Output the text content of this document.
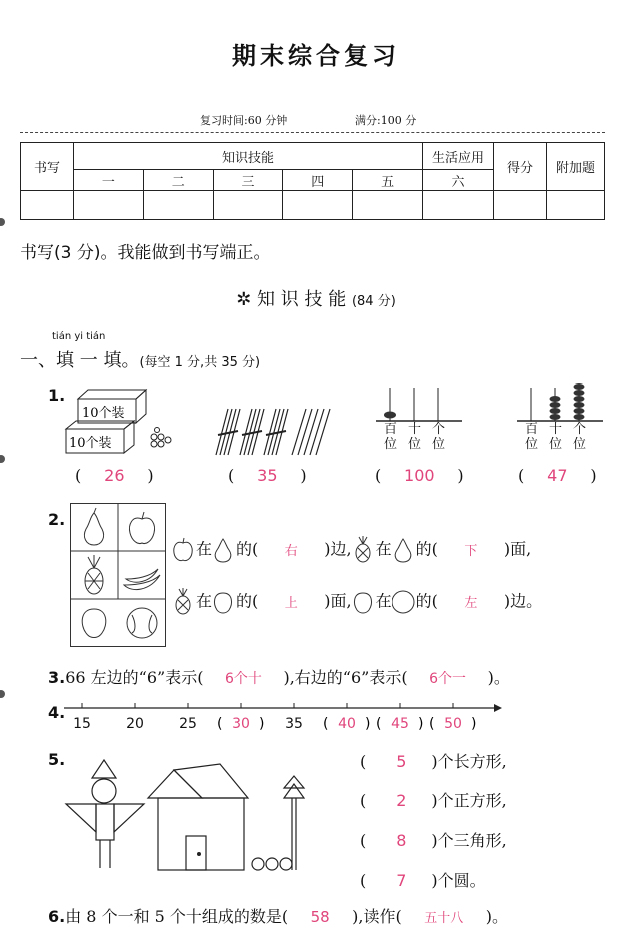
期末综合复习
复习时间:60 分钟	满分:100 分
书写	知识技能					生活应用	得分	附加题
	一	二	三	四	五	六		

书写(3 分)。我能做到书写端正。
✲ 知 识 技 能 (84 分)
tián yi tián
一、填 一 填。(每空 1 分,共 35 分)
1.
10个装
10个装
百
位
十
位
个
位
百
位
十
位
个
位
( 26 )	( 35 )	( 100 )	( 47 )
2.
在 的( 右 )边, 在 的( 下 )面,
在 的( 上 )面, 在 的( 左 )边。
3.66 左边的“6”表示( 6个十 ),右边的“6”表示( 6个一 )。
4.
15	20	25 (	)
30	35 (	)
40 (	)
45 (	)
50
5.	( 5 )个长方形,
( 2 )个正方形,
( 8 )个三角形,
( 7 )个圆。
6.由 8 个一和 5 个十组成的数是( 58 ),读作( 五十八 )。
